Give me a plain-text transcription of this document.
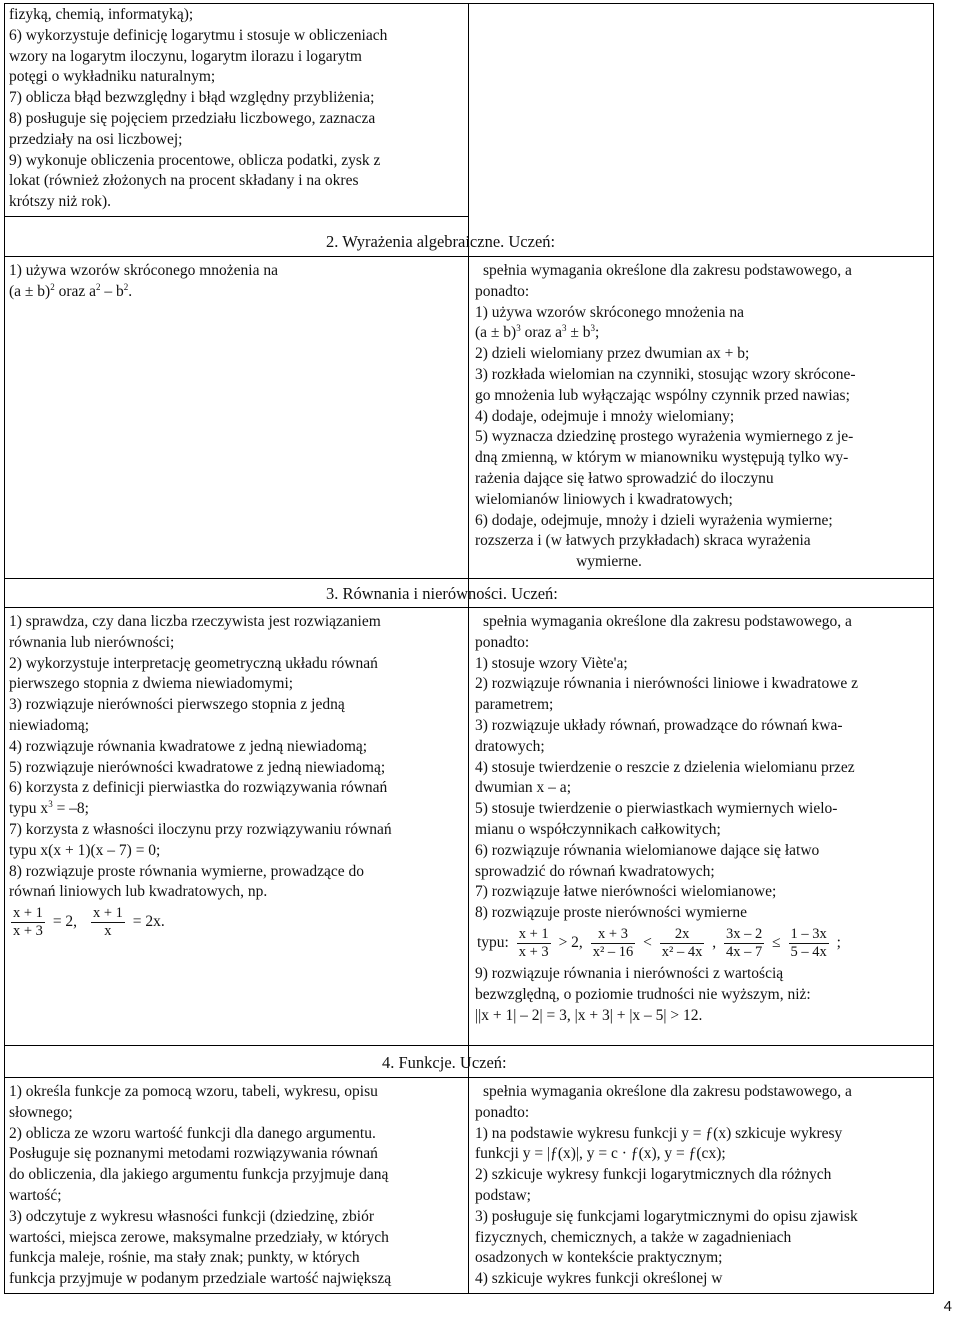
fizyką, chemią, informatyką);
6) wykorzystuje definicję logarytmu i stosuje w obliczeniach
wzory na logarytm iloczynu, logarytm ilorazu i logarytm
potęgi o wykładniku naturalnym;
7) oblicza błąd bezwzględny i błąd względny przybliżenia;
8) posługuje się pojęciem przedziału liczbowego, zaznacza
przedziały na osi liczbowej;
9) wykonuje obliczenia procentowe, oblicza podatki, zysk z
lokat (również złożonych na procent składany i na okres
krótszy niż rok).
2. Wyrażenia algebraiczne. Uczeń:
1) używa wzorów skróconego mnożenia na
$(a \pm b)^2$ oraz $a^2 - b^2$.
spełnia wymagania określone dla zakresu podstawowego, a
ponadto:
1) używa wzorów skróconego mnożenia na
$(a \pm b)^3$ oraz $a^3 \pm b^3$;
2) dzieli wielomiany przez dwumian ax + b;
3) rozkłada wielomian na czynniki, stosując wzory skrócone-
go mnożenia lub wyłączając wspólny czynnik przed nawias;
4) dodaje, odejmuje i mnoży wielomiany;
5) wyznacza dziedzinę prostego wyrażenia wymiernego z je-
dną zmienną, w którym w mianowniku występują tylko wy-
rażenia dające się łatwo sprowadzić do iloczynu
wielomianów liniowych i kwadratowych;
6) dodaje, odejmuje, mnoży i dzieli wyrażenia wymierne;
rozszerza i (w łatwych przykładach) skraca wyrażenia
wymierne.
3. Równania i nierówności. Uczeń:
1) sprawdza, czy dana liczba rzeczywista jest rozwiązaniem
równania lub nierówności;
2) wykorzystuje interpretację geometryczną układu równań
pierwszego stopnia z dwiema niewiadomymi;
3) rozwiązuje nierówności pierwszego stopnia z jedną
niewiadomą;
4) rozwiązuje równania kwadratowe z jedną niewiadomą;
5) rozwiązuje nierówności kwadratowe z jedną niewiadomą;
6) korzysta z definicji pierwiastka do rozwiązywania równań
typu $x^3 = -8$;
7) korzysta z własności iloczynu przy rozwiązywaniu równań
typu x(x + 1)(x – 7) = 0;
8) rozwiązuje proste równania wymierne, prowadzące do
równań liniowych lub kwadratowych, np.
$\frac{x + 1}{x + 3} = 2$, $\frac{x + 1}{x} = 2x$.
spełnia wymagania określone dla zakresu podstawowego, a
ponadto:
1) stosuje wzory Viète'a;
2) rozwiązuje równania i nierówności liniowe i kwadratowe z
parametrem;
3) rozwiązuje układy równań, prowadzące do równań kwa-
dratowych;
4) stosuje twierdzenie o reszcie z dzielenia wielomianu przez
dwumian x – a;
5) stosuje twierdzenie o pierwiastkach wymiernych wielo-
mianu o współczynnikach całkowitych;
6) rozwiązuje równania wielomianowe dające się łatwo
sprowadzić do równań kwadratowych;
7) rozwiązuje łatwe nierówności wielomianowe;
8) rozwiązuje proste nierówności wymierne
typu: $\frac{x + 1}{x + 3} > 2$, $\frac{x + 3}{\text{x² – 16}} < \frac{2x}{\text{x² – 4x}}$ , $\frac{3x - 2}{4x - 7} \le \frac{1 - 3x}{5 - 4x}$ ;
9) rozwiązuje równania i nierówności z wartością
bezwzględną, o poziomie trudności nie wyższym, niż:
||x + 1| – 2| = 3, |x + 3| + |x – 5| > 12.
4. Funkcje. Uczeń:
1) określa funkcje za pomocą wzoru, tabeli, wykresu, opisu
słownego;
2) oblicza ze wzoru wartość funkcji dla danego argumentu.
Posługuje się poznanymi metodami rozwiązywania równań
do obliczenia, dla jakiego argumentu funkcja przyjmuje daną
wartość;
3) odczytuje z wykresu własności funkcji (dziedzinę, zbiór
wartości, miejsca zerowe, maksymalne przedziały, w których
funkcja maleje, rośnie, ma stały znak; punkty, w których
funkcja przyjmuje w podanym przedziale wartość największą
spełnia wymagania określone dla zakresu podstawowego, a
ponadto:
1) na podstawie wykresu funkcji y = ƒ(x) szkicuje wykresy
funkcji y = |ƒ(x)|, y = c · ƒ(x), y = ƒ(cx);
2) szkicuje wykresy funkcji logarytmicznych dla różnych
podstaw;
3) posługuje się funkcjami logarytmicznymi do opisu zjawisk
fizycznych, chemicznych, a także w zagadnieniach
osadzonych w kontekście praktycznym;
4) szkicuje wykres funkcji określonej w
4
